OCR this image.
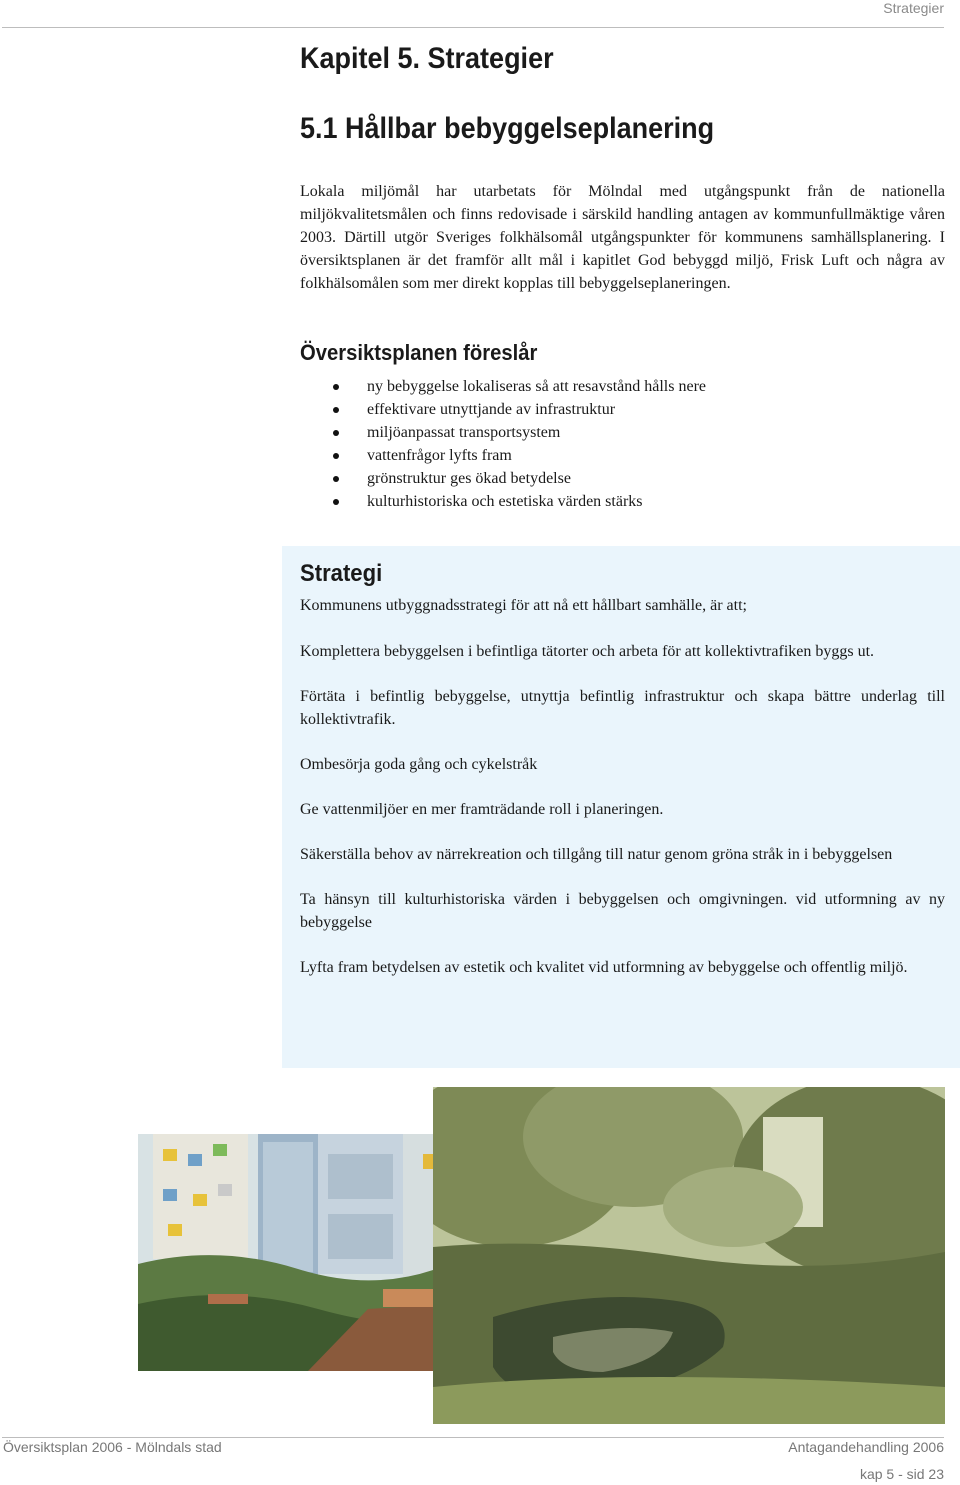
Strategier
Kapitel 5. Strategier
5.1 Hållbar bebyggelseplanering

Lokala miljömål har utarbetats för Mölndal med utgångspunkt från de nationella miljökvalitetsmålen och finns redovisade i särskild handling antagen av kommunfullmäktige våren 2003. Därtill utgör Sveriges folkhälsomål utgångspunkter för kommunens samhällsplanering. I översiktsplanen är det framför allt mål i kapitlet God bebyggd miljö, Frisk Luft och några av folkhälsomålen som mer direkt kopplas till bebyggelseplaneringen.

Översiktsplanen föreslår
ny bebyggelse lokaliseras så att resavstånd hålls nere
effektivare utnyttjande av infrastruktur
miljöanpassat transportsystem
vattenfrågor lyfts fram
grönstruktur ges ökad betydelse
kulturhistoriska och estetiska värden stärks
Strategi

Kommunens utbyggnadsstrategi för att nå ett hållbart samhälle, är att;

Komplettera bebyggelsen i befintliga tätorter och arbeta för att kollektivtrafiken byggs ut.
Förtäta i befintlig bebyggelse, utnyttja befintlig infrastruktur och skapa bättre underlag till kollektivtrafik.
Ombesörja goda gång och cykelstråk
Ge vattenmiljöer en mer framträdande roll i planeringen.
Säkerställa behov av närrekreation och tillgång till natur genom gröna stråk in i bebyggelsen
Ta hänsyn till kulturhistoriska värden i bebyggelsen och omgivningen. vid utformning av ny bebyggelse
Lyfta fram betydelsen av estetik och kvalitet vid utformning av bebyggelse och offentlig miljö.
Översiktsplan 2006 - Mölndals stad	Antagandehandling 2006
kap 5 - sid 23
